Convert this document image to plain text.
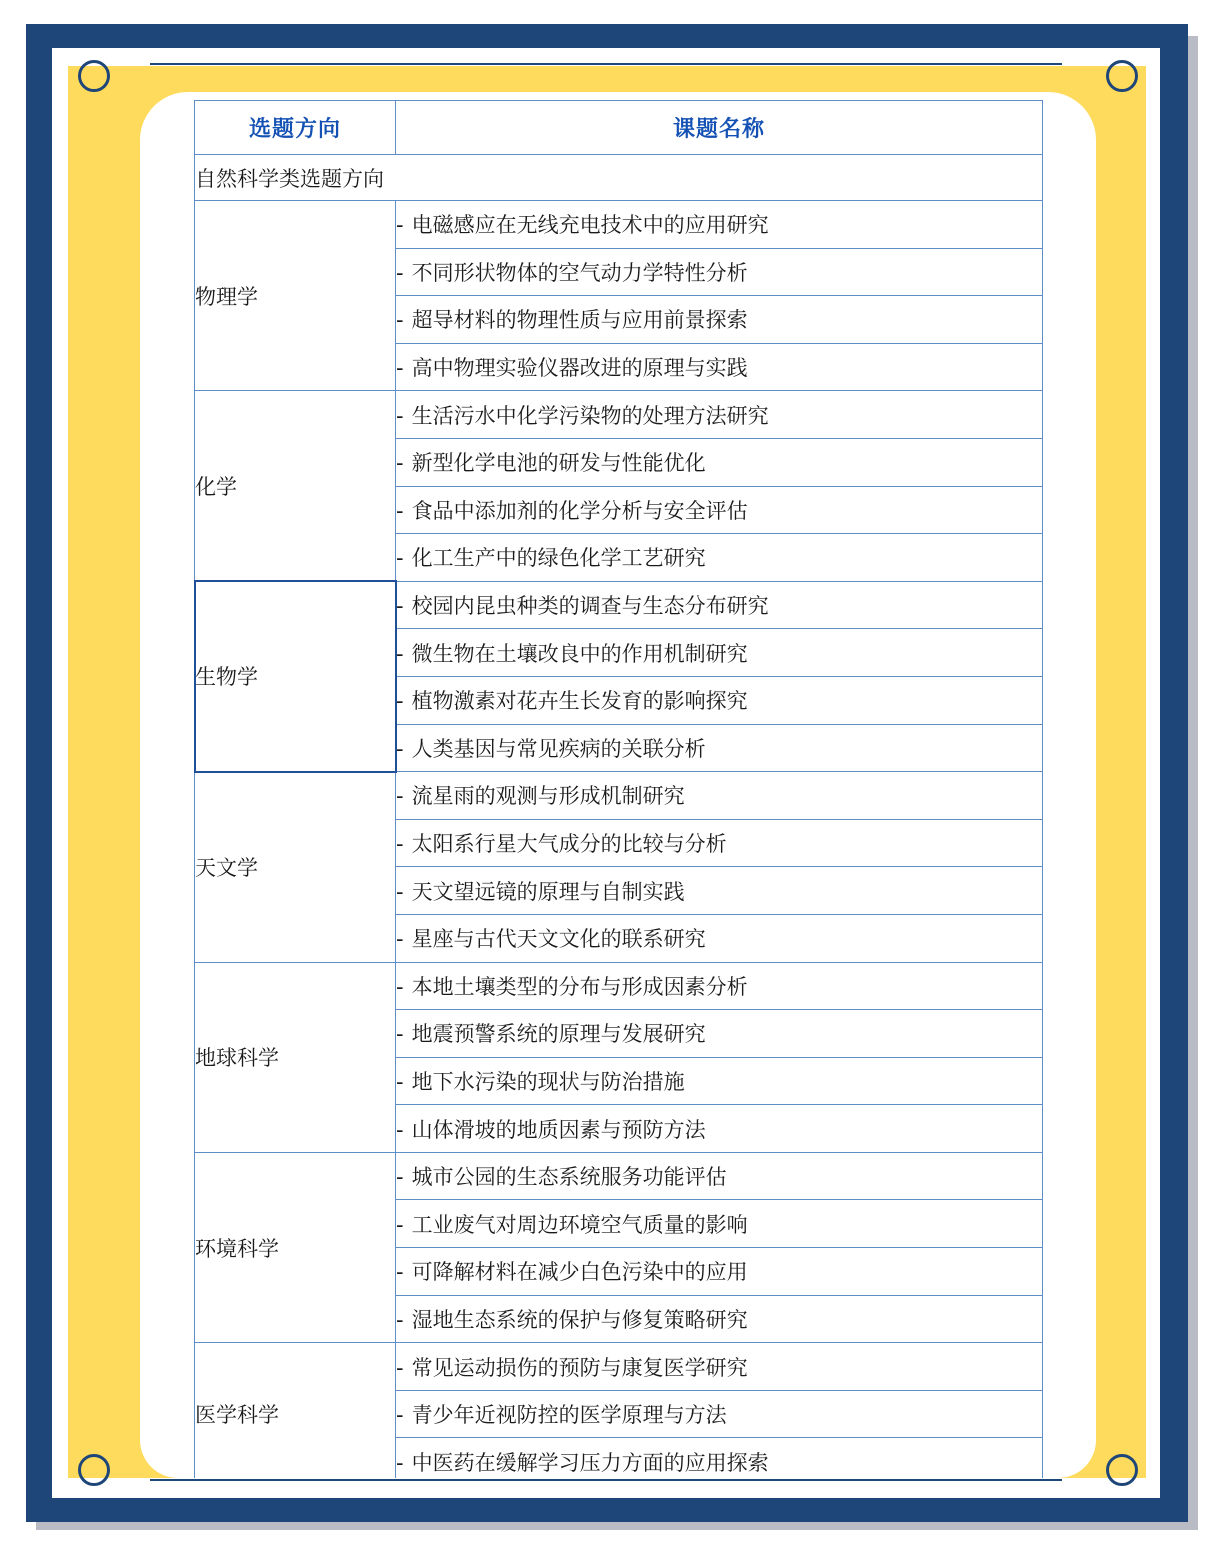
选题方向	课题名称
自然科学类选题方向	
物理学	- 电磁感应在无线充电技术中的应用研究
	- 不同形状物体的空气动力学特性分析
	- 超导材料的物理性质与应用前景探索
	- 高中物理实验仪器改进的原理与实践
化学	- 生活污水中化学污染物的处理方法研究
	- 新型化学电池的研发与性能优化
	- 食品中添加剂的化学分析与安全评估
	- 化工生产中的绿色化学工艺研究
生物学	- 校园内昆虫种类的调查与生态分布研究
	- 微生物在土壤改良中的作用机制研究
	- 植物激素对花卉生长发育的影响探究
	- 人类基因与常见疾病的关联分析
天文学	- 流星雨的观测与形成机制研究
	- 太阳系行星大气成分的比较与分析
	- 天文望远镜的原理与自制实践
	- 星座与古代天文文化的联系研究
地球科学	- 本地土壤类型的分布与形成因素分析
	- 地震预警系统的原理与发展研究
	- 地下水污染的现状与防治措施
	- 山体滑坡的地质因素与预防方法
环境科学	- 城市公园的生态系统服务功能评估
	- 工业废气对周边环境空气质量的影响
	- 可降解材料在减少白色污染中的应用
	- 湿地生态系统的保护与修复策略研究
医学科学	- 常见运动损伤的预防与康复医学研究
	- 青少年近视防控的医学原理与方法
	- 中医药在缓解学习压力方面的应用探索
